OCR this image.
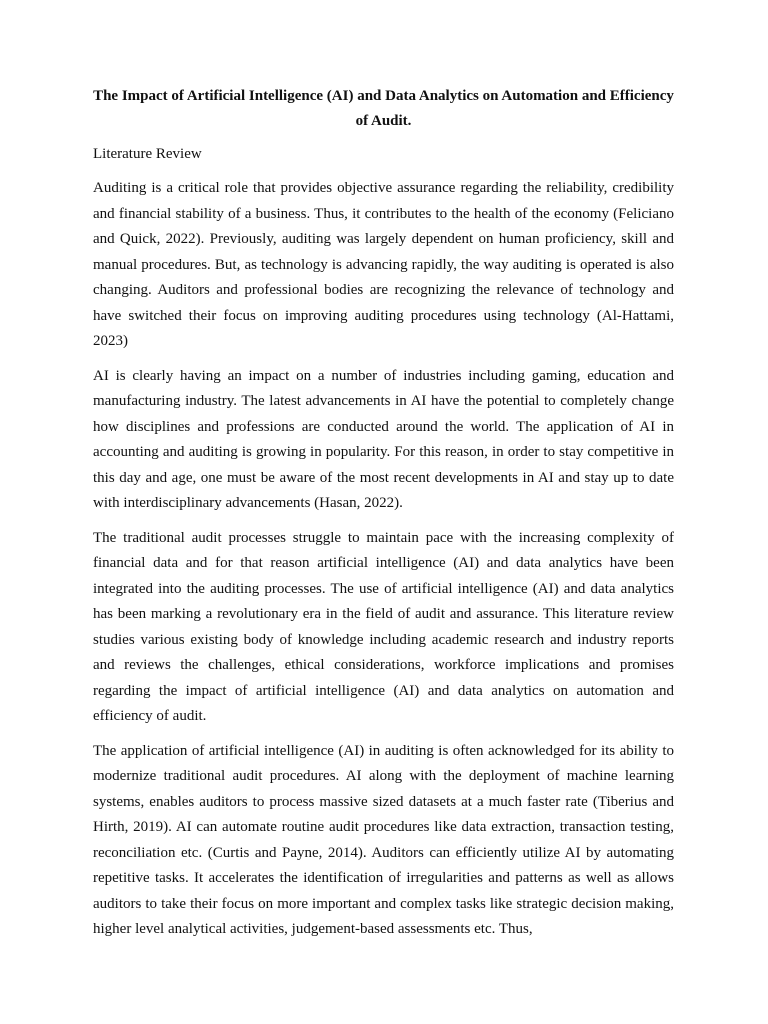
The Impact of Artificial Intelligence (AI) and Data Analytics on Automation and Efficiency of Audit.

Literature Review

Auditing is a critical role that provides objective assurance regarding the reliability, credibility and financial stability of a business. Thus, it contributes to the health of the economy (Feliciano and Quick, 2022). Previously, auditing was largely dependent on human proficiency, skill and manual procedures. But, as technology is advancing rapidly, the way auditing is operated is also changing. Auditors and professional bodies are recognizing the relevance of technology and have switched their focus on improving auditing procedures using technology (Al-Hattami, 2023)

AI is clearly having an impact on a number of industries including gaming, education and manufacturing industry. The latest advancements in AI have the potential to completely change how disciplines and professions are conducted around the world. The application of AI in accounting and auditing is growing in popularity. For this reason, in order to stay competitive in this day and age, one must be aware of the most recent developments in AI and stay up to date with interdisciplinary advancements (Hasan, 2022).

The traditional audit processes struggle to maintain pace with the increasing complexity of financial data and for that reason artificial intelligence (AI) and data analytics have been integrated into the auditing processes. The use of artificial intelligence (AI) and data analytics has been marking a revolutionary era in the field of audit and assurance. This literature review studies various existing body of knowledge including academic research and industry reports and reviews the challenges, ethical considerations, workforce implications and promises regarding the impact of artificial intelligence (AI) and data analytics on automation and efficiency of audit.

The application of artificial intelligence (AI) in auditing is often acknowledged for its ability to modernize traditional audit procedures. AI along with the deployment of machine learning systems, enables auditors to process massive sized datasets at a much faster rate (Tiberius and Hirth, 2019). AI can automate routine audit procedures like data extraction, transaction testing, reconciliation etc. (Curtis and Payne, 2014). Auditors can efficiently utilize AI by automating repetitive tasks. It accelerates the identification of irregularities and patterns as well as allows auditors to take their focus on more important and complex tasks like strategic decision making, higher level analytical activities, judgement-based assessments etc. Thus,
